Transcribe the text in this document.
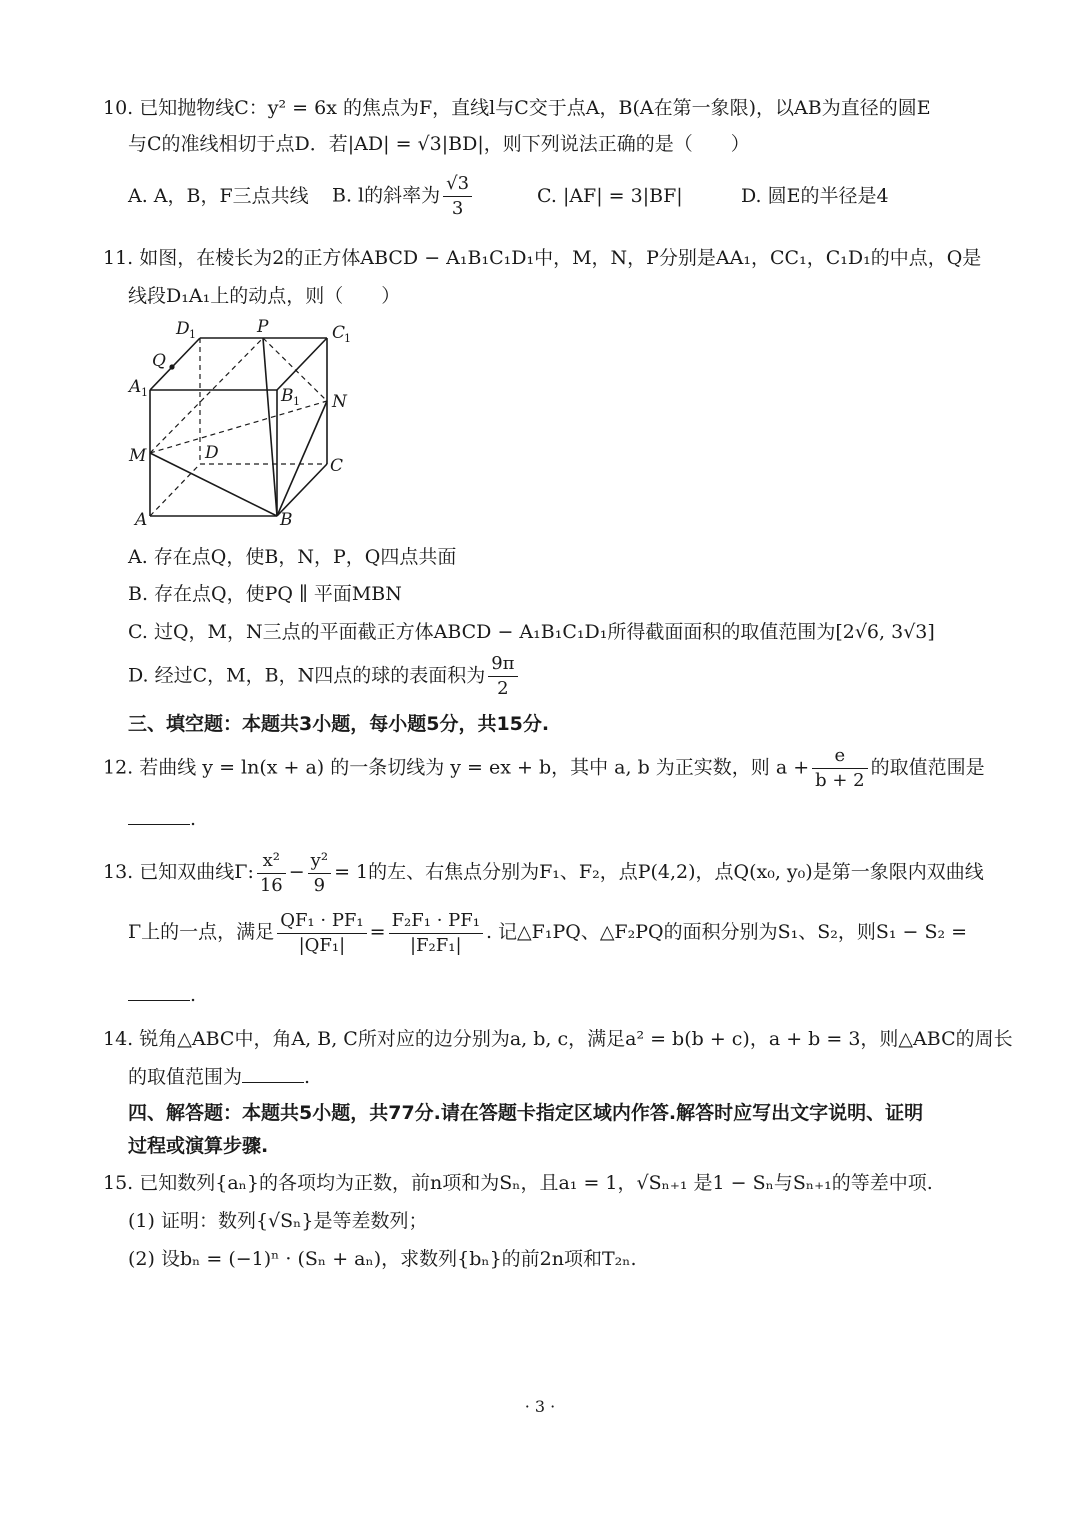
10. 已知抛物线C：y² = 6x 的焦点为F，直线l与C交于点A，B(A在第一象限)，以AB为直径的圆E
与C的准线相切于点D．若|AD| = √3|BD|，则下列说法正确的是（　　）
A. A，B，F三点共线 B. l的斜率为 $\frac{√3}{3}$	C. |AF| = 3|BF|	D. 圆E的半径是4
11. 如图，在棱长为2的正方体ABCD − A₁B₁C₁D₁中，M，N，P分别是AA₁，CC₁，C₁D₁的中点，Q是
线段D₁A₁上的动点，则（　　）
D 1	P	C
1
Q
A 1	B 1 N
M	D
C
A	B
A. 存在点Q，使B，N，P，Q四点共面
B. 存在点Q，使PQ ∥ 平面MBN
C. 过Q，M，N三点的平面截正方体ABCD − A₁B₁C₁D₁所得截面面积的取值范围为[2√6, 3√3]
D. 经过C，M，B，N四点的球的表面积为 $\frac{9\pi}{2}$
三、填空题：本题共3小题，每小题5分，共15分.
12. 若曲线 y = ln(x + a) 的一条切线为 y = ex + b，其中 a, b 为正实数，则 $a + \frac{e}{b + 2}$ 的取值范围是
.
13. 已知双曲线Γ: $\frac{\text{x²}}{16} - \frac{\text{y²}}{9} = 1$的左、右焦点分别为F₁、F₂，点P(4,2)，点Q(x₀, y₀)是第一象限内双曲线
Γ上的一点，满足 $\frac{\text{QF₁ · PF₁}}{\text{|QF₁|}} = \frac{\text{F₂F₁ · PF₁}}{\text{|F₂F₁|}}$ . 记△F₁PQ、△F₂PQ的面积分别为S₁、S₂，则S₁ − S₂ =
.
14. 锐角△ABC中，角A, B, C所对应的边分别为a, b, c，满足a² = b(b + c)，a + b = 3，则△ABC的周长
的取值范围为	.
四、解答题：本题共5小题，共77分.请在答题卡指定区域内作答.解答时应写出文字说明、证明
过程或演算步骤.
15. 已知数列{aₙ}的各项均为正数，前n项和为Sₙ，且a₁ = 1，√Sₙ₊₁ 是1 − Sₙ与Sₙ₊₁的等差中项.
(1) 证明：数列{√Sₙ}是等差数列；
(2) 设bₙ = (−1)ⁿ · (Sₙ + aₙ)，求数列{bₙ}的前2n项和T₂ₙ.
· 3 ·
